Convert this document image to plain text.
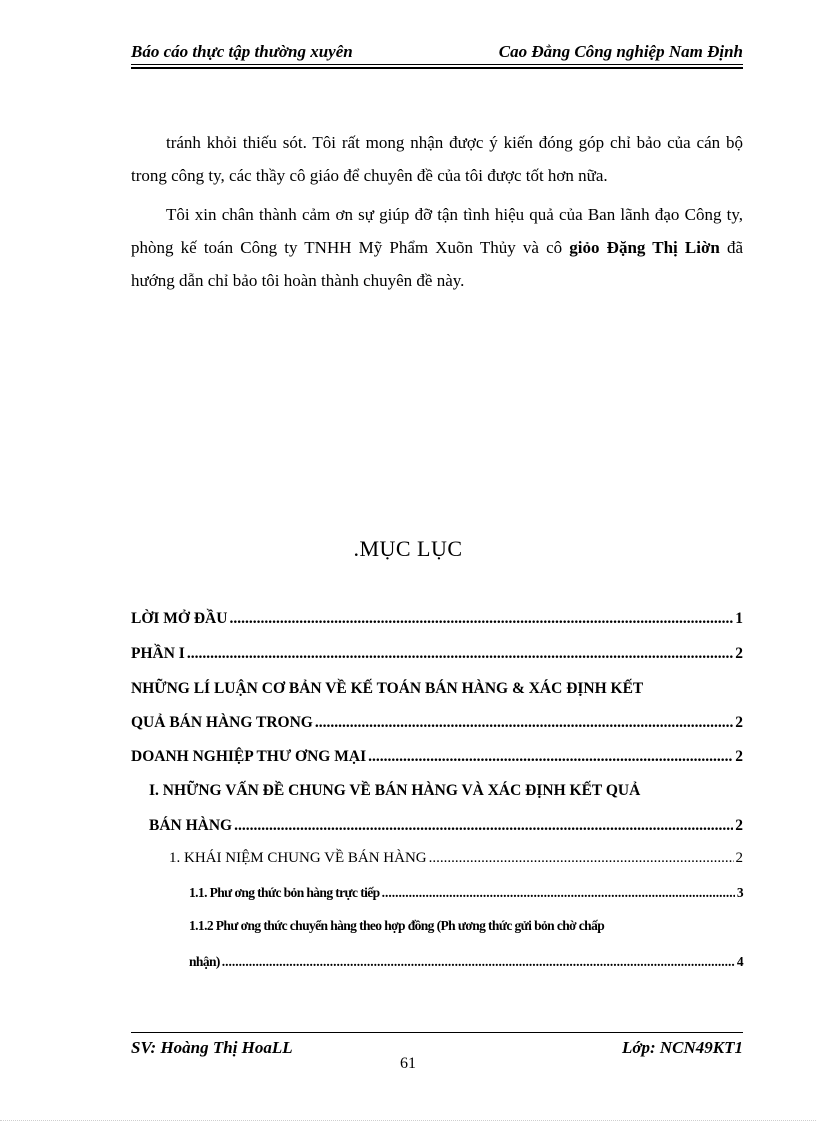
Báo cáo thực tập thường xuyên	Cao Đẳng Công nghiệp Nam Định
tránh khỏi thiếu sót. Tôi rất mong nhận được ý kiến đóng góp chỉ bảo của cán bộ trong công ty, các thầy cô giáo để chuyên đề của tôi được tốt hơn nữa.
Tôi xin chân thành cảm ơn sự giúp đỡ tận tình hiệu quả của Ban lãnh đạo Công ty, phòng kế toán Công ty TNHH Mỹ Phẩm Xuõn Thủy và cô giỏo Đặng Thị Liờn đã hướng dẫn chỉ bảo tôi hoàn thành chuyên đề này.
.MỤC LỤC
LỜI MỞ ĐẦU .....	1
PHẦN I .....	2
NHỮNG LÍ LUẬN CƠ BẢN VỀ KẾ TOÁN BÁN HÀNG & XÁC ĐỊNH KẾT
QUẢ BÁN HÀNG TRONG .....	2
DOANH NGHIỆP THƯ ƠNG MẠI .....	2
I. NHỮNG VẤN ĐỀ CHUNG VỀ BÁN HÀNG VÀ XÁC ĐỊNH KẾT QUẢ
BÁN HÀNG .....	2
1. KHÁI NIỆM CHUNG VỀ BÁN HÀNG .....	2
1.1. Phư ơng thức bỏn hàng trực tiếp .....	3
1.1.2 Phư ơng thức chuyển hàng theo hợp đồng (Ph ương thức gửi bỏn chờ chấp
nhận) .....	4
SV: Hoàng Thị HoaLL	Lớp: NCN49KT1
61
